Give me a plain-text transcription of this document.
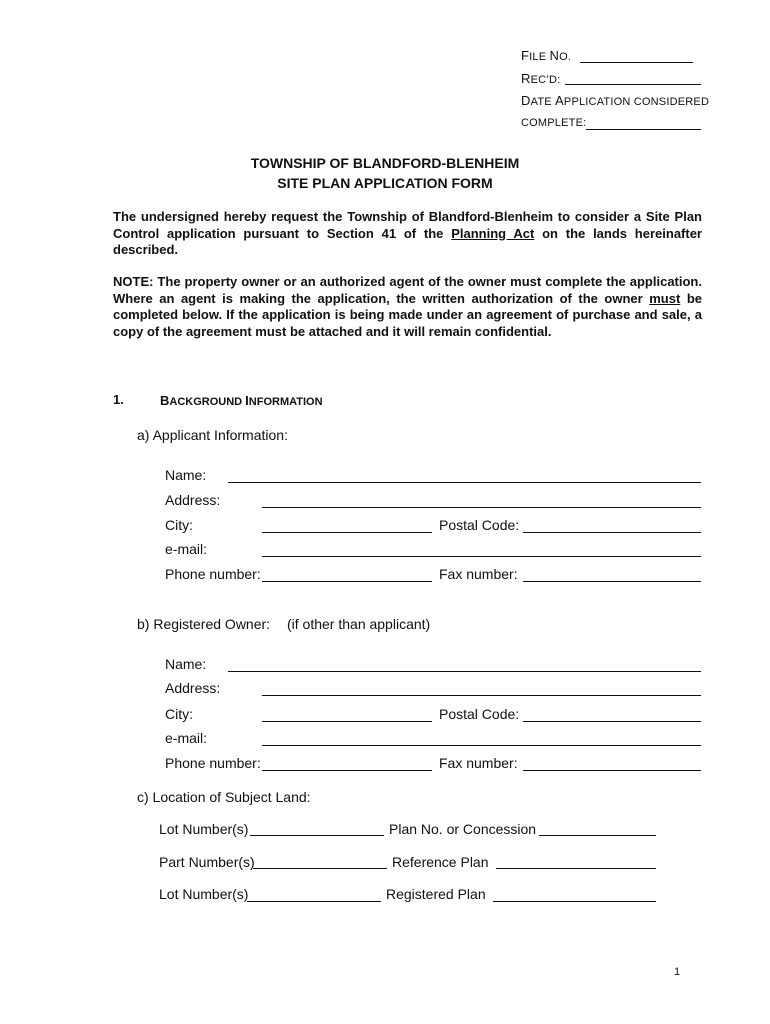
FILE NO.
REC’D:
DATE APPLICATION CONSIDERED
COMPLETE:
TOWNSHIP OF BLANDFORD-BLENHEIM
SITE PLAN APPLICATION FORM
The undersigned hereby request the Township of Blandford-Blenheim to consider a Site Plan Control application pursuant to Section 41 of the Planning Act on the lands hereinafter described.
NOTE: The property owner or an authorized agent of the owner must complete the application. Where an agent is making the application, the written authorization of the owner must be completed below. If the application is being made under an agreement of purchase and sale, a copy of the agreement must be attached and it will remain confidential.
1.	BACKGROUND INFORMATION
a) Applicant Information:
Name:
Address:
City:	Postal Code:
e-mail:
Phone number:	Fax number:
b) Registered Owner: (if other than applicant)
Name:
Address:
City:	Postal Code:
e-mail:
Phone number:	Fax number:
c) Location of Subject Land:
Lot Number(s)	Plan No. or Concession
Part Number(s)	Reference Plan
Lot Number(s)	Registered Plan
1
